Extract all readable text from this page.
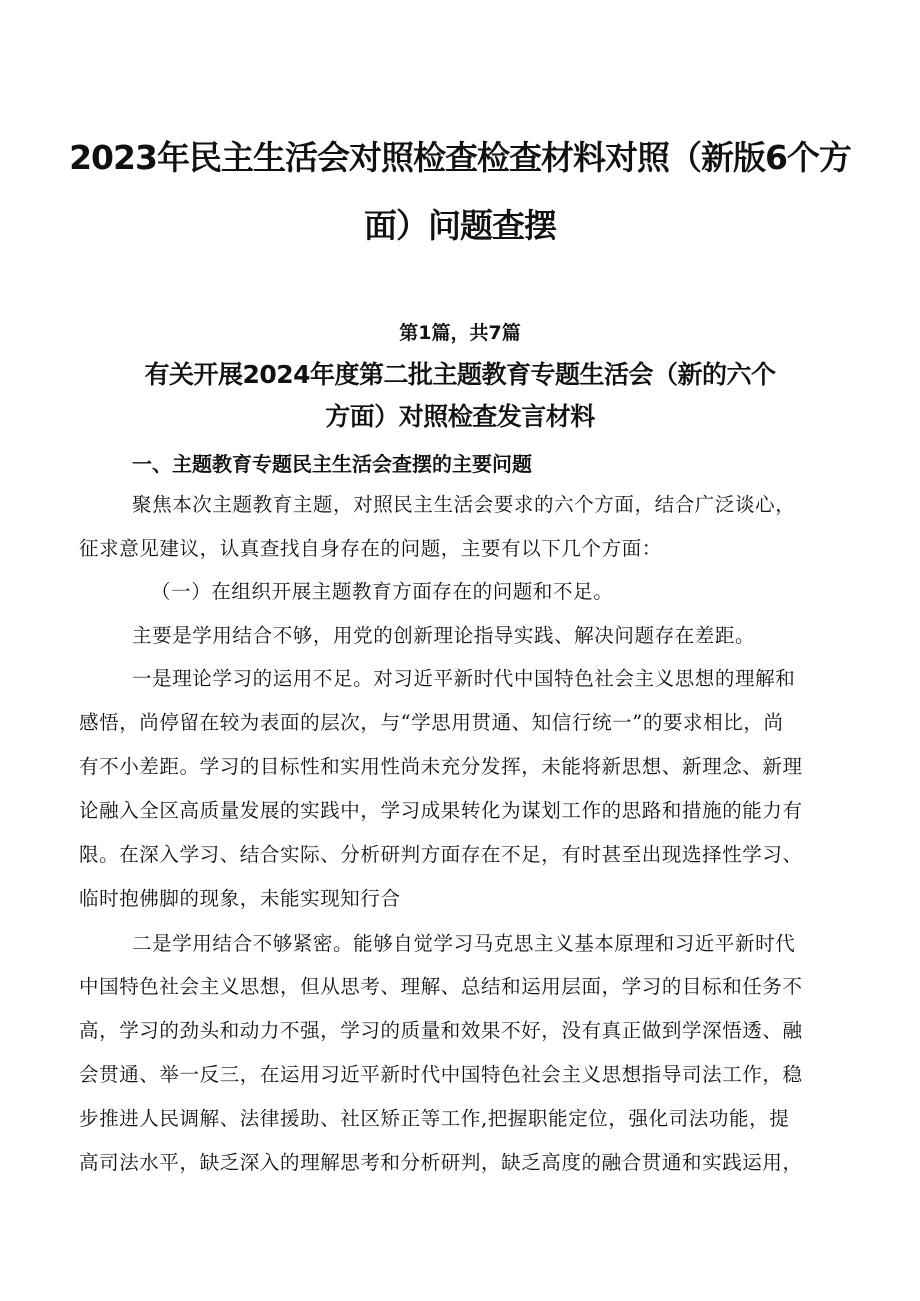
2023年民主生活会对照检查检查材料对照（新版6个方
面）问题查摆
第1篇，共7篇
有关开展2024年度第二批主题教育专题生活会（新的六个
方面）对照检查发言材料
一、主题教育专题民主生活会查摆的主要问题
聚焦本次主题教育主题，对照民主生活会要求的六个方面，结合广泛谈心，
征求意见建议，认真查找自身存在的问题，主要有以下几个方面：
（一）在组织开展主题教育方面存在的问题和不足。
主要是学用结合不够，用党的创新理论指导实践、解决问题存在差距。
一是理论学习的运用不足。对习近平新时代中国特色社会主义思想的理解和
感悟，尚停留在较为表面的层次，与“学思用贯通、知信行统一”的要求相比，尚
有不小差距。学习的目标性和实用性尚未充分发挥，未能将新思想、新理念、新理
论融入全区高质量发展的实践中，学习成果转化为谋划工作的思路和措施的能力有
限。在深入学习、结合实际、分析研判方面存在不足，有时甚至出现选择性学习、
临时抱佛脚的现象，未能实现知行合
二是学用结合不够紧密。能够自觉学习马克思主义基本原理和习近平新时代
中国特色社会主义思想，但从思考、理解、总结和运用层面，学习的目标和任务不
高，学习的劲头和动力不强，学习的质量和效果不好，没有真正做到学深悟透、融
会贯通、举一反三，在运用习近平新时代中国特色社会主义思想指导司法工作，稳
步推进人民调解、法律援助、社区矫正等工作,把握职能定位，强化司法功能，提
高司法水平，缺乏深入的理解思考和分析研判，缺乏高度的融合贯通和实践运用，
